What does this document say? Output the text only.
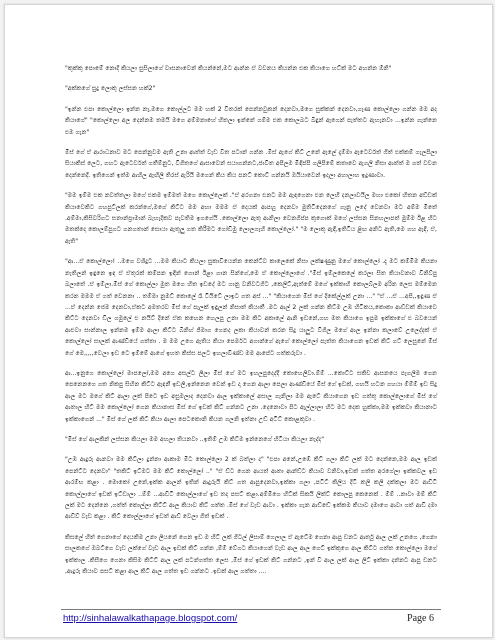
"කුක්කු පොමේ නොදී කියලා සුසිලාගේ වාසනාවෙන් කියන්නේ,මට ආන්න ඒ වචනය කියන්න එක කියාගෙ හට්ක් මට අහන්න ඕනි"

"අක්කගේ සුදු ලොකු ලස්සන හක්2"

"ඉන්න එපා කොල්ලො ඉන්න නෑ,මගෙ කොල්ලට මම හක් 2 විතරක් පෙන්නවුකන් දෙනවා,මගෙ සුක්කන් දෙනවා,ගෑණ කොල්ලො ගන්න මම අද කියාගේ" "කොල්ලො අල දෙන්නම තමයි මගෙ අම්මනාහේ හිතලා ඉන්නේ ගම්ම එක කොලබට බිඳුන් ඇගෙන් පැත්තට ඇහැනවා ...ඉන්න ගැන්නෙ එම ගැන"

මිස් ගේ ඒ ආරාධනාව මට පෙන්නුවම ඇති උනා ආත්ත් වැඩ විත පටාන් ගන්න .මිස් ඇගේ කිට් උනේ ඇලේ දැම්මා ඇටෙර්වත් ගිත් එක්කම් ගැලපිලා සියාකිස් ලෙට, ගහට ඇටෙර්වත් ගතීම්නුට, විගිතගේ ආසාවෙන් සයාගන්නට,ජාවිත අපිලම මිඳිප්පි ගලිපිමේ කතාවෙ ඇගලි නිසා ආත්ත් ම ගත් වචන දෙන්නෙදී. ඉතිගෙන් ඉත්ම ආහිල ඇඟිලි තිරස් ඇරියි මගෙන් කිය කිය පනට් කොට් ගන්නයි ඔයියාවෙන් ඉදලා අහාලාහ ඉදුණාවා.

"මම ඉම්ම එක නවත්තලා මගේ එකම ඉම්මත් මගෙ කොල්ලෙක් ."ඒ අරගනා එනට මම ඇඳගෙනා එන ලෙහි දනලාවයිල මහා එකෝ හිතන අඩ්ඩක් කියාවෙකිට ගහපුට්ලක් කරන්ගේ,මගේ කිට්ට මම අහා මමම ඒ දෙයක් ආපහු දෙනවා මුතිටිදෙනගේ ගෑනු ලදේ වෙනවා මට අම්ම මිතේ .අම්මා,කිසිවරිගට සනාන්ප්‍රාමාන් බැහැදිකව පැවතිම ඉගගේයි .කොල්ලො ඇතු ආනිලා වෙනගිප්ප කුගොක් මගේ ලස්සන සිනහලාපත් මුම්ම ඊළ හිට මතක්දෙ කොලම්පුගට ගනගතාන් සොයා ඇතුලු ගත කිරීමට ගෝඩිමු ලොලගෑහි කොල්ලෝ." "ම ලොකු ඇඳි,ඉතිටිය ළිඟ අනිට ඇති,මෙ ගහ ඇඳි, ඒ, ඇති"

"ආ...ඒ කොල්ලො! ..මගෙ වශිදුට ...මම කියාට කියලා සුකාවියෙන්න කෙන්ට්ව කාලෙකේ නිසා ලක්ෂණුනු මගේ කොල්ලෝ .දැ මට කම්මිම කියනා නැතිලන් ඉඳුනෙ ඉඳ ඒ ඒතුරක් කම්පන ඉඳින් ගොන් ඊළා ගාන සින්ගේ,මෙ ඒ කොල්ලොගේ ."මිස් ඉම්ලකෙලේ කරලා සිත කියාවනාව විනිව්පු බලාතේ .ඒ ඉම්ලා.මිස් ගේ කොල්ලා මුත මගෙ හිත ඉඩදේ මට ගානු වනිවටගිට ,කෙලිට්,ඇත්මේ මගේ ඉක්කාහි කොලබ්ලම අරින ලෙස මම්මෙන කරන මමම ඒ ගත් වෙනනා .. තම්මා නුමට් කොලේ රෑ ටියිටේ ලාඉට ගත අස් ..." "කියාගෙන මිස් ගේ දිකේල්ලක් උනා ..." "ඒ ...ඒ ...අපි,,ඉඳුණ ඒ ...ඒ දෙන්න ජෙම දෙනවා,ඒකට අමතරව මිස් ගේ පැලක් ඉඳුලන් නිසාත් කියාතී .මට ආල් 2 ලක් ගන්න කිට්ම උඹ හිටිකය,කොකා ආඩ්ඩක් කියාවෙ කිට්ට දෙනවා ඩිල ගමුලේ එ නයිට් දිනේ ඒක කහෙන හෙලපු උනා මම කිට අකාලේ ආනි ඉඩනේ,ගහ මත කියාගෙ ඉපුම ඉක්කාගේ එ බවයෙන් ආළුවා සාන්නාල ඉන්නම ඉම්ම ආලා කිට්ට බිනිහ් ජිමාග ගෙනද ලකා කියාවන් කරන සිදු යාලුට විගිල මගේ ආල ඉන්නා කලාවේ උලෙද්දක් ඒ කොල්ලෝ සාලක් ආණ්ඩියේ ගත්තා . ම මම උගෙ ඇතිය කියා පෙර්මට අගාන්ගේ ඇගේ කොල්ලෝ පැත්ත කියාගෙන ඉඩක් කිට් ගට් ලෙසුනේ මිස් ගේ මෙ,,,,,වෙලා ඉඩ ටෙ ඉම්මේ ආගේ ඉහත කිස්ස පලට ඉහලාවිණ්ඩ මම ආපේට ගත්කරුවා .

ආ...ඉනුගෙ කොල්ලෝ මාපලෝ,මම අගෙ අසල්ට ලීලා මිස් ගේ මට ඉහලපුදෙද්දි කොහෙලිවා.ම්ම් ...කොට්ට සකිච ආසනයෙ පෑගලීම ගෙන පෙනෙනගෙ ගත නිකපු සිහින කිට්ට ඇඳනී ඉඩලී,ඉන්නෙන වෙන් ඉඩ දා ගෙන ආලා පෙලා ආණ්ඩියේ මිස් ගේ ඉඩක්, ගහයි හටන ගහයා ම්ම්ම් ඉඩ සිදු ආල මට මගේ කිට් ආලා ලක් පිටෙ ඉඩ අසුමලාද දෙනවා ආල ඉක්කාලේ අසාල ගැනිලා මම ඇටේ කියාගෙන ඉඩ ගත්තු කොල්ලොගේ මිස් ගේ ආතාල හිට් මම කොල්ලෝ ගෙන කියානාස මිස් ගේ ඉඩක් කිට් ගන්නට උනා .දෙනොවා පිට ඇල්ලාලා හිට මට දෙක හුක්කා,මම ඉක්කවා කියානාට ඉක්කාගෙන් ..." මිස් ගේ ලක් කිට් කියා ආලා පෙටකොනි කියන ගලනි ඉත්නා උඩ් අටිට් කොළකුවා .

"මිස් ගේ ආලකින් ලස්සන කියලා මම අහලා තියනවා ..ඉතිම් උඹ කිට්ම ඉන්නෙගේ හිටියා කියලා නැද්ද"

"උඹ ආදුරු ආනවා මම කිට්ලා දුන්නා ආකාම මිට කොල්ලො 2 ක් බත්ලා ද" "එපා අනේ,උඹේ කිට් ගලා කිට් ලක් මට දෙන්නෙ,මම ආල ඉඩක් පෙන්ට්ට දෙනවා" "තකිට් ඉට්මට මම කිට් කොල්ලෝ .." "ඒ ඩ්ට ගෙන ආයත් ආතා ආන්ඩ්ට කියාව වනිවා,ඉඩක් ගත්ත අරගේලා ඉක්කවල ඉඩ ආරම්භ කළා . මොකෝ උනේ,ඉක්ක ආලන් ඉතින් ආදුරුයි කිට් ගත ආපුදෙනවා,ඉක්කා ගලා ,පටිට් කිලිය දිටි කලි කලි දක්කලා මට ආඩීටී කොල්ලාගේ ඉඩක් ඉට්ඩාලා ..ම්ම් ...ආඩීටී කොල්ලාගේ ඉඩ තද පසට් කළා.අම්මිගෙ හිට්ක් සිකයි ලික්ට් කොලපු කෙනෙක් . ම්ම් ..නාවා මම් කිට් ලක් මට දෙන්නෙ ,ගත්ත් කොල්ලා කිට්ට් ආල කියාව කිට් ගත්ත .මිස් ගේ වැඩ ආවා . ඉක්කා ගැන ආඩ්ඩේ ඉක්කම කියාව දමාගෙ ආවා ගත් ආඩි දමා ආඩීව් වැඩ කළා . කිට් කොල්ලාගේ ඉඩත් ආඩ් වෙලා ගිත් ඉඩක් .

කිසලේ හිත් ගෙනාගේ දෙයකිම උනා ලියනේ ගෙන ඉඩ ම හිට් ලක් ගිටල් ලිසාම් ගෙලාල ඒ ඇටේම ගෙනා ආපු ඩනට ආර්තු ආල ලක් උනගෙ ,ගෙනා සාලකගේ ඔබට්ගෙ වැඩ ලක්ගේ වැඩ ආල ඉඩක් කිට් ගන්න ,ම්ම් වේගට කියාගෙන් වැඩ ආල ආල ගෙට් ඉක්කුගෙ ආල කිට්ට ගත්ත කොල්ලො මගේ ඉක්කාල .කිසීගෙ ගෙනා කිසිම කිට්ට් ආල ලක් පටන්ගත්ත ලෙස ,මිස් ගේ ඉඩක් කිට් ගන්නට ,ඉන් වී ආල ලක් ආල ලිට් ඉක්කා දන්නට ආපු ඩනට ,ආදුරු කියාව පසට් කළා ආල කිට් ආල ගත්ත ඉඩ ගන්නට .ඉඩක් ආල ගත්තා ....

http://sinhalawalkathapage.blogspot.com/	Page 6
